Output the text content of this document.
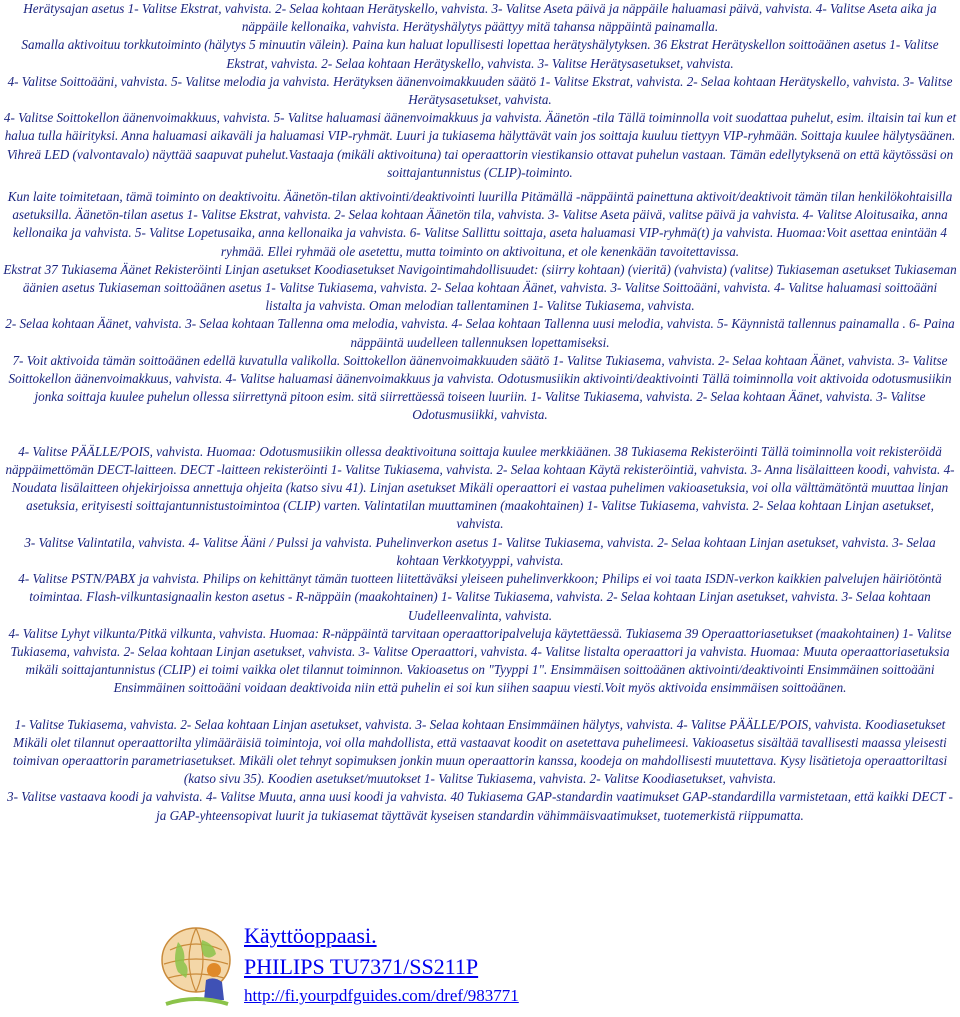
Herätysajan asetus 1- Valitse Ekstrat, vahvista. 2- Selaa kohtaan Herätyskello, vahvista. 3- Valitse Aseta päivä ja näppäile haluamasi päivä, vahvista. 4- Valitse Aseta aika ja näppäile kellonaika, vahvista. Herätyshälytys päättyy mitä tahansa näppäintä painamalla.

Samalla aktivoituu torkkutoiminto (hälytys 5 minuutin välein). Paina kun haluat lopullisesti lopettaa herätyshälytyksen. 36 Ekstrat Herätyskellon soittoäänen asetus 1- Valitse Ekstrat, vahvista. 2- Selaa kohtaan Herätyskello, vahvista. 3- Valitse Herätysasetukset, vahvista.

4- Valitse Soittoääni, vahvista. 5- Valitse melodia ja vahvista. Herätyksen äänenvoimakkuuden säätö 1- Valitse Ekstrat, vahvista. 2- Selaa kohtaan Herätyskello, vahvista. 3- Valitse Herätysasetukset, vahvista.

4- Valitse Soittokellon äänenvoimakkuus, vahvista. 5- Valitse haluamasi äänenvoimakkuus ja vahvista. Äänetön -tila Tällä toiminnolla voit suodattaa puhelut, esim. iltaisin tai kun et halua tulla häirityksi. Anna haluamasi aikaväli ja haluamasi VIP-ryhmät. Luuri ja tukiasema hälyttävät vain jos soittaja kuuluu tiettyyn VIP-ryhmään. Soittaja kuulee hälytysäänen. Vihreä LED (valvontavalo) näyttää saapuvat puhelut.Vastaaja (mikäli aktivoituna) tai operaattorin viestikansio ottavat puhelun vastaan. Tämän edellytyksenä on että käytössäsi on soittajantunnistus (CLIP)-toiminto.

Kun laite toimitetaan, tämä toiminto on deaktivoitu. Äänetön-tilan aktivointi/deaktivointi luurilla Pitämällä -näppäintä painettuna aktivoit/deaktivoit tämän tilan henkilökohtaisilla asetuksilla. Äänetön-tilan asetus 1- Valitse Ekstrat, vahvista. 2- Selaa kohtaan Äänetön tila, vahvista. 3- Valitse Aseta päivä, valitse päivä ja vahvista. 4- Valitse Aloitusaika, anna kellonaika ja vahvista. 5- Valitse Lopetusaika, anna kellonaika ja vahvista. 6- Valitse Sallittu soittaja, aseta haluamasi VIP-ryhmä(t) ja vahvista. Huomaa:Voit asettaa enintään 4 ryhmää. Ellei ryhmää ole asetettu, mutta toiminto on aktivoituna, et ole kenenkään tavoitettavissa.

Ekstrat 37 Tukiasema Äänet Rekisteröinti Linjan asetukset Koodiasetukset Navigointimahdollisuudet: (siirry kohtaan) (vieritä) (vahvista) (valitse) Tukiaseman asetukset Tukiaseman äänien asetus Tukiaseman soittoäänen asetus 1- Valitse Tukiasema, vahvista. 2- Selaa kohtaan Äänet, vahvista. 3- Valitse Soittoääni, vahvista. 4- Valitse haluamasi soittoääni listalta ja vahvista. Oman melodian tallentaminen 1- Valitse Tukiasema, vahvista.

2- Selaa kohtaan Äänet, vahvista. 3- Selaa kohtaan Tallenna oma melodia, vahvista. 4- Selaa kohtaan Tallenna uusi melodia, vahvista. 5- Käynnistä tallennus painamalla . 6- Paina näppäintä uudelleen tallennuksen lopettamiseksi.

7- Voit aktivoida tämän soittoäänen edellä kuvatulla valikolla. Soittokellon äänenvoimakkuuden säätö 1- Valitse Tukiasema, vahvista. 2- Selaa kohtaan Äänet, vahvista. 3- Valitse Soittokellon äänenvoimakkuus, vahvista. 4- Valitse haluamasi äänenvoimakkuus ja vahvista. Odotusmusiikin aktivointi/deaktivointi Tällä toiminnolla voit aktivoida odotusmusiikin jonka soittaja kuulee puhelun ollessa siirrettynä pitoon esim. sitä siirrettäessä toiseen luuriin. 1- Valitse Tukiasema, vahvista. 2- Selaa kohtaan Äänet, vahvista. 3- Valitse Odotusmusiikki, vahvista.

4- Valitse PÄÄLLE/POIS, vahvista. Huomaa: Odotusmusiikin ollessa deaktivoituna soittaja kuulee merkkiäänen. 38 Tukiasema Rekisteröinti Tällä toiminnolla voit rekisteröidä näppäimettömän DECT-laitteen. DECT -laitteen rekisteröinti 1- Valitse Tukiasema, vahvista. 2- Selaa kohtaan Käytä rekisteröintiä, vahvista. 3- Anna lisälaitteen koodi, vahvista. 4- Noudata lisälaitteen ohjekirjoissa annettuja ohjeita (katso sivu 41). Linjan asetukset Mikäli operaattori ei vastaa puhelimen vakioasetuksia, voi olla välttämätöntä muuttaa linjan asetuksia, erityisesti soittajantunnistustoimintoa (CLIP) varten. Valintatilan muuttaminen (maakohtainen) 1- Valitse Tukiasema, vahvista. 2- Selaa kohtaan Linjan asetukset, vahvista.

3- Valitse Valintatila, vahvista. 4- Valitse Ääni / Pulssi ja vahvista. Puhelinverkon asetus 1- Valitse Tukiasema, vahvista. 2- Selaa kohtaan Linjan asetukset, vahvista. 3- Selaa kohtaan Verkkotyyppi, vahvista.

4- Valitse PSTN/PABX ja vahvista. Philips on kehittänyt tämän tuotteen liitettäväksi yleiseen puhelinverkkoon; Philips ei voi taata ISDN-verkon kaikkien palvelujen häiriötöntä toimintaa. Flash-vilkuntasignaalin keston asetus - R-näppäin (maakohtainen) 1- Valitse Tukiasema, vahvista. 2- Selaa kohtaan Linjan asetukset, vahvista. 3- Selaa kohtaan Uudelleenvalinta, vahvista.

4- Valitse Lyhyt vilkunta/Pitkä vilkunta, vahvista. Huomaa: R-näppäintä tarvitaan operaattoripalveluja käytettäessä. Tukiasema 39 Operaattoriasetukset (maakohtainen) 1- Valitse Tukiasema, vahvista. 2- Selaa kohtaan Linjan asetukset, vahvista. 3- Valitse Operaattori, vahvista. 4- Valitse listalta operaattori ja vahvista. Huomaa: Muuta operaattoriasetuksia mikäli soittajantunnistus (CLIP) ei toimi vaikka olet tilannut toiminnon. Vakioasetus on "Tyyppi 1". Ensimmäisen soittoäänen aktivointi/deaktivointi Ensimmäinen soittoääni Ensimmäinen soittoääni voidaan deaktivoida niin että puhelin ei soi kun siihen saapuu viesti.Voit myös aktivoida ensimmäisen soittoäänen.

1- Valitse Tukiasema, vahvista. 2- Selaa kohtaan Linjan asetukset, vahvista. 3- Selaa kohtaan Ensimmäinen hälytys, vahvista. 4- Valitse PÄÄLLE/POIS, vahvista. Koodiasetukset Mikäli olet tilannut operaattorilta ylimääräisiä toimintoja, voi olla mahdollista, että vastaavat koodit on asetettava puhelimeesi. Vakioasetus sisältää tavallisesti maassa yleisesti toimivan operaattorin parametriasetukset. Mikäli olet tehnyt sopimuksen jonkin muun operaattorin kanssa, koodeja on mahdollisesti muutettava. Kysy lisätietoja operaattoriltasi (katso sivu 35). Koodien asetukset/muutokset 1- Valitse Tukiasema, vahvista. 2- Valitse Koodiasetukset, vahvista.

3- Valitse vastaava koodi ja vahvista. 4- Valitse Muuta, anna uusi koodi ja vahvista. 40 Tukiasema GAP-standardin vaatimukset GAP-standardilla varmistetaan, että kaikki DECT - ja GAP-yhteensopivat luurit ja tukiasemat täyttävät kyseisen standardin vähimmäisvaatimukset, tuotemerkistä riippumatta.

Käyttöoppaasi.
PHILIPS TU7371/SS211P
http://fi.yourpdfguides.com/dref/983771
